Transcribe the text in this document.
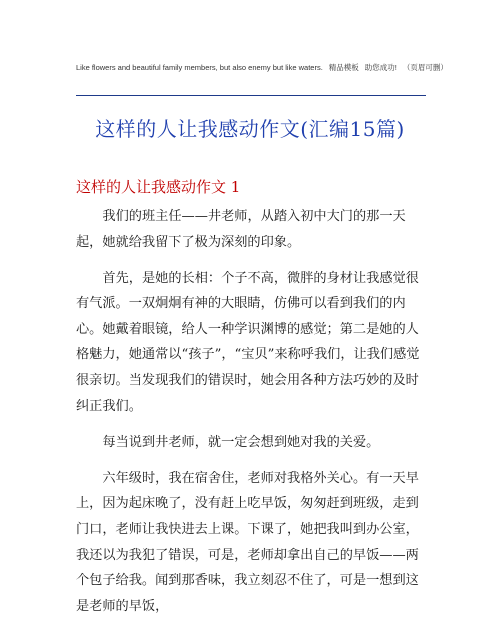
Like flowers and beautiful family members, but also enemy but like waters. 精品模板 助您成功! （页眉可删）
这样的人让我感动作文(汇编15篇)
这样的人让我感动作文 1

我们的班主任——井老师，从踏入初中大门的那一天起，她就给我留下了极为深刻的印象。

首先，是她的长相：个子不高，微胖的身材让我感觉很有气派。一双炯炯有神的大眼睛，仿佛可以看到我们的内心。她戴着眼镜，给人一种学识渊博的感觉；第二是她的人格魅力，她通常以“孩子”，“宝贝”来称呼我们，让我们感觉很亲切。当发现我们的错误时，她会用各种方法巧妙的及时纠正我们。

每当说到井老师，就一定会想到她对我的关爱。

六年级时，我在宿舍住，老师对我格外关心。有一天早上，因为起床晚了，没有赶上吃早饭，匆匆赶到班级，走到门口，老师让我快进去上课。下课了，她把我叫到办公室，我还以为我犯了错误，可是，老师却拿出自己的早饭——两个包子给我。闻到那香味，我立刻忍不住了，可是一想到这是老师的早饭，
